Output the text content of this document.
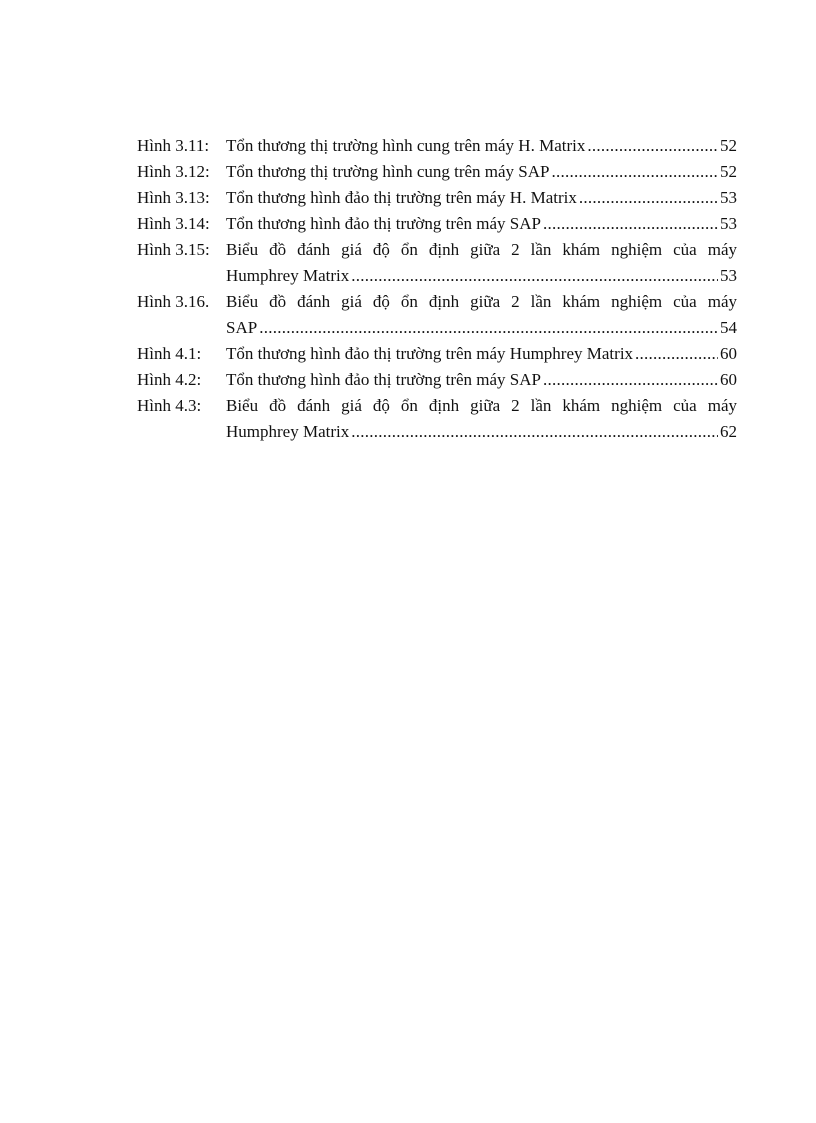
Hình 3.11: Tổn thương thị trường hình cung trên máy H. Matrix . . .	52
Hình 3.12: Tổn thương thị trường hình cung trên máy SAP . . .	52
Hình 3.13: Tổn thương hình đảo thị trường trên máy H. Matrix . . .	53
Hình 3.14: Tổn thương hình đảo thị trường trên máy SAP . . .	53
Hình 3.15: Biểu đồ đánh giá độ ổn định giữa 2 lần khám nghiệm của máy
Humphrey Matrix . . .	53
Hình 3.16. Biểu đồ đánh giá độ ổn định giữa 2 lần khám nghiệm của máy
SAP . . .	54
Hình 4.1:	Tổn thương hình đảo thị trường trên máy Humphrey Matrix . . .	60
Hình 4.2:	Tổn thương hình đảo thị trường trên máy SAP . . .	60
Hình 4.3:	Biểu đồ đánh giá độ ổn định giữa 2 lần khám nghiệm của máy
Humphrey Matrix . . .	62
